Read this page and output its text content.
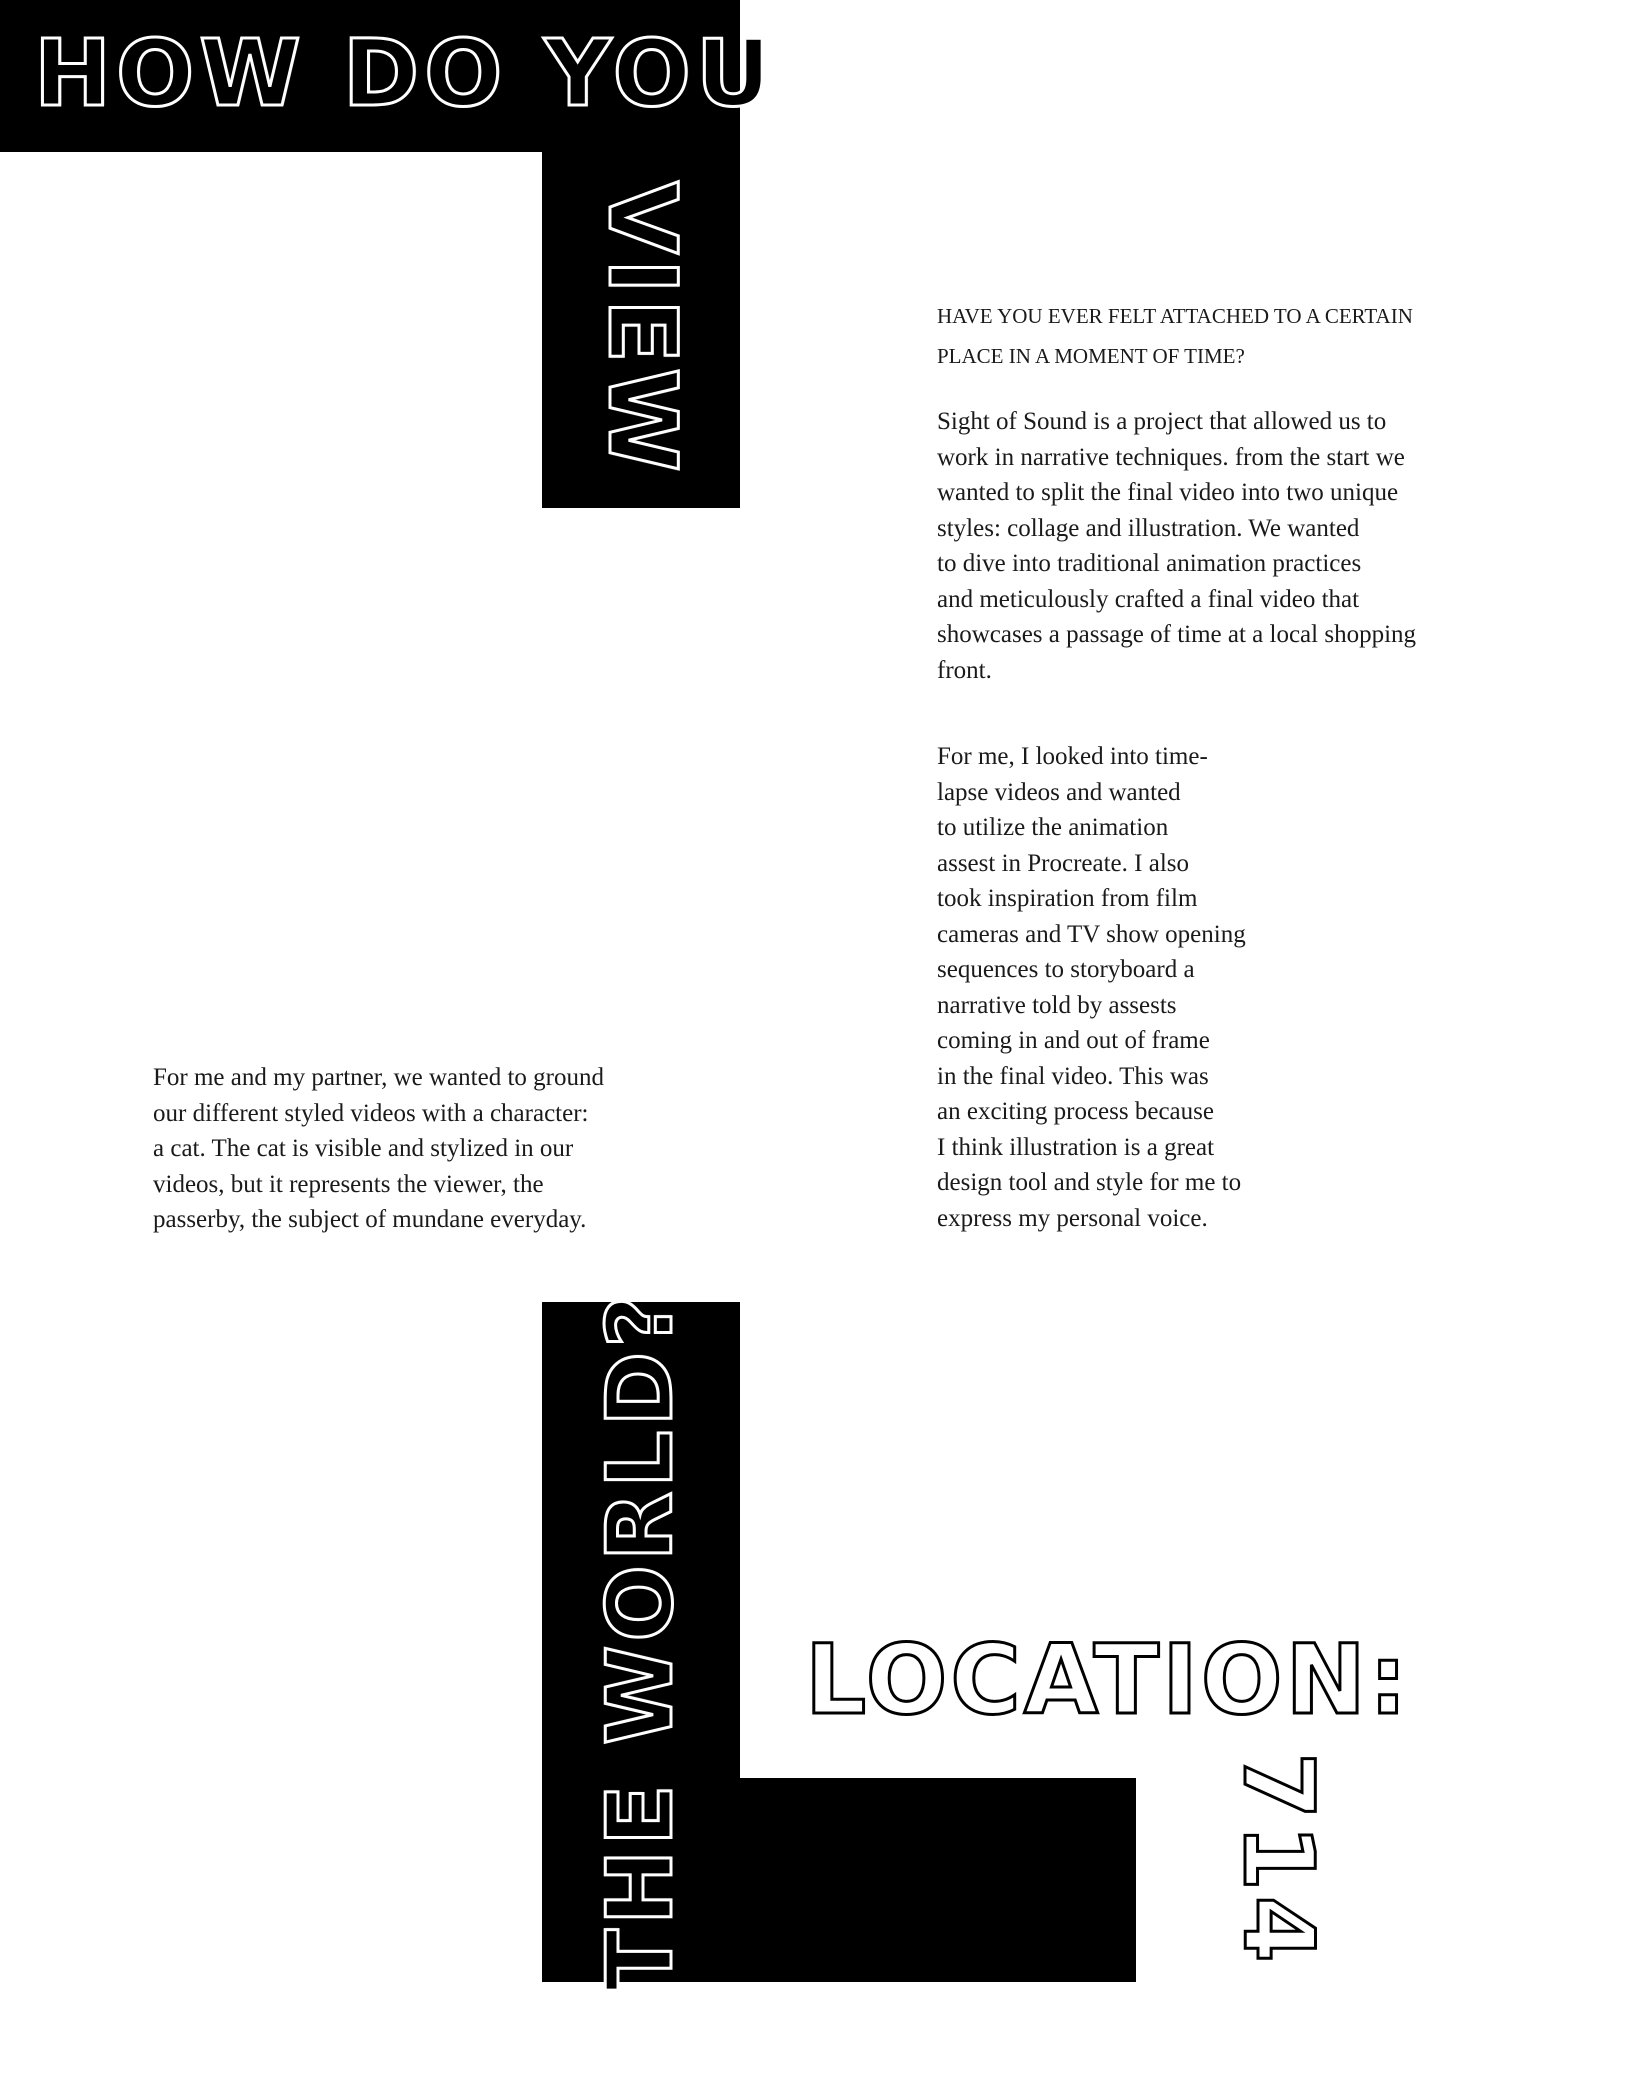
HOW DO YOU
VIEW
THE WORLD? LOCATION:
714

HAVE YOU EVER FELT ATTACHED TO A CERTAIN
PLACE IN A MOMENT OF TIME?

Sight of Sound is a project that allowed us to
work in narrative techniques. from the start we
wanted to split the final video into two unique
styles: collage and illustration. We wanted
to dive into traditional animation practices
and meticulously crafted a final video that
showcases a passage of time at a local shopping
front.

For me, I looked into time-
lapse videos and wanted
to utilize the animation
assest in Procreate. I also
took inspiration from film
cameras and TV show opening
sequences to storyboard a
narrative told by assests
coming in and out of frame
in the final video. This was
an exciting process because
I think illustration is a great
design tool and style for me to
express my personal voice.

For me and my partner, we wanted to ground
our different styled videos with a character:
a cat. The cat is visible and stylized in our
videos, but it represents the viewer, the
passerby, the subject of mundane everyday.
